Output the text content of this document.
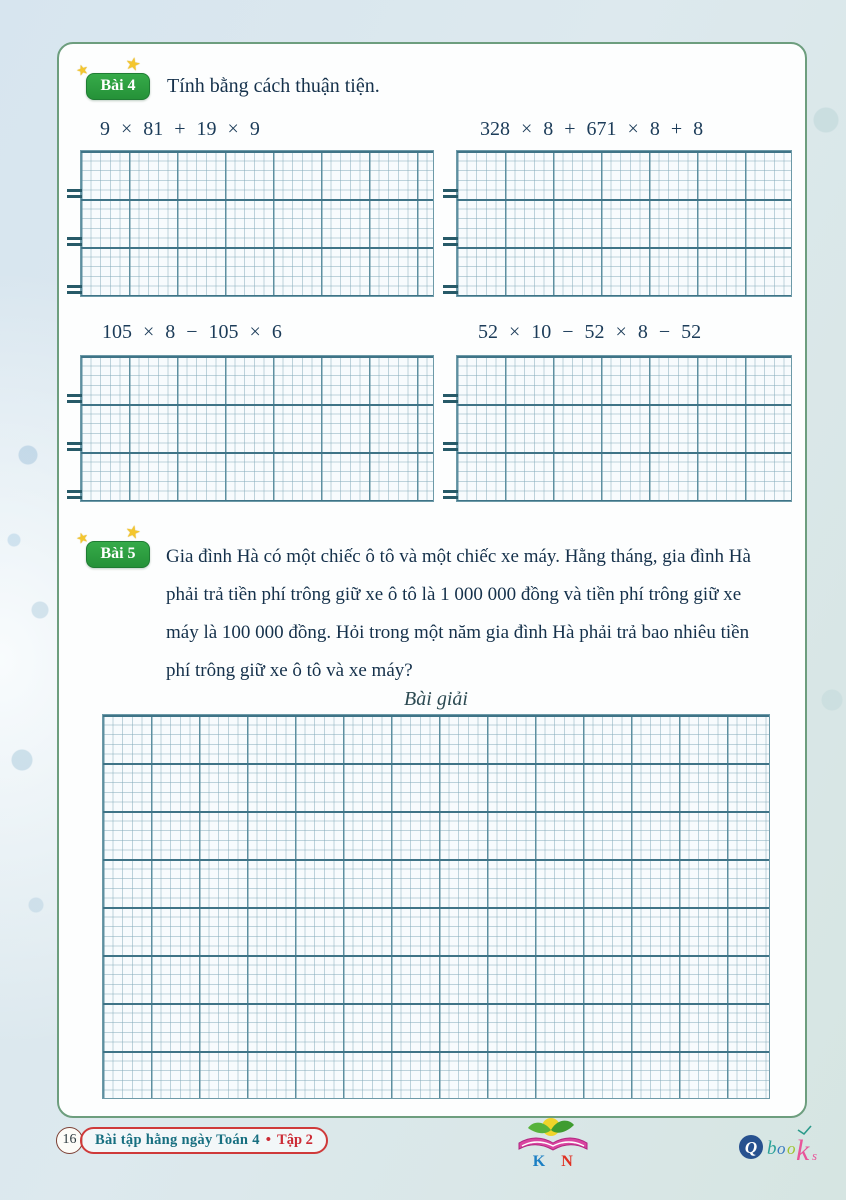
★ ★
Bài 4	Tính bằng cách thuận tiện.
9 × 81 + 19 × 9	328 × 8 + 671 × 8 + 8
105 × 8 − 105 × 6	52 × 10 − 52 × 8 − 52
★ ★
Bài 5	Gia đình Hà có một chiếc ô tô và một chiếc xe máy. Hằng tháng, gia đình Hà
phải trả tiền phí trông giữ xe ô tô là 1 000 000 đồng và tiền phí trông giữ xe
máy là 100 000 đồng. Hỏi trong một năm gia đình Hà phải trả bao nhiêu tiền
phí trông giữ xe ô tô và xe máy?
Bài giải
16	Bài tập hằng ngày Toán 4 • Tập 2
K N
Q b o o k s
